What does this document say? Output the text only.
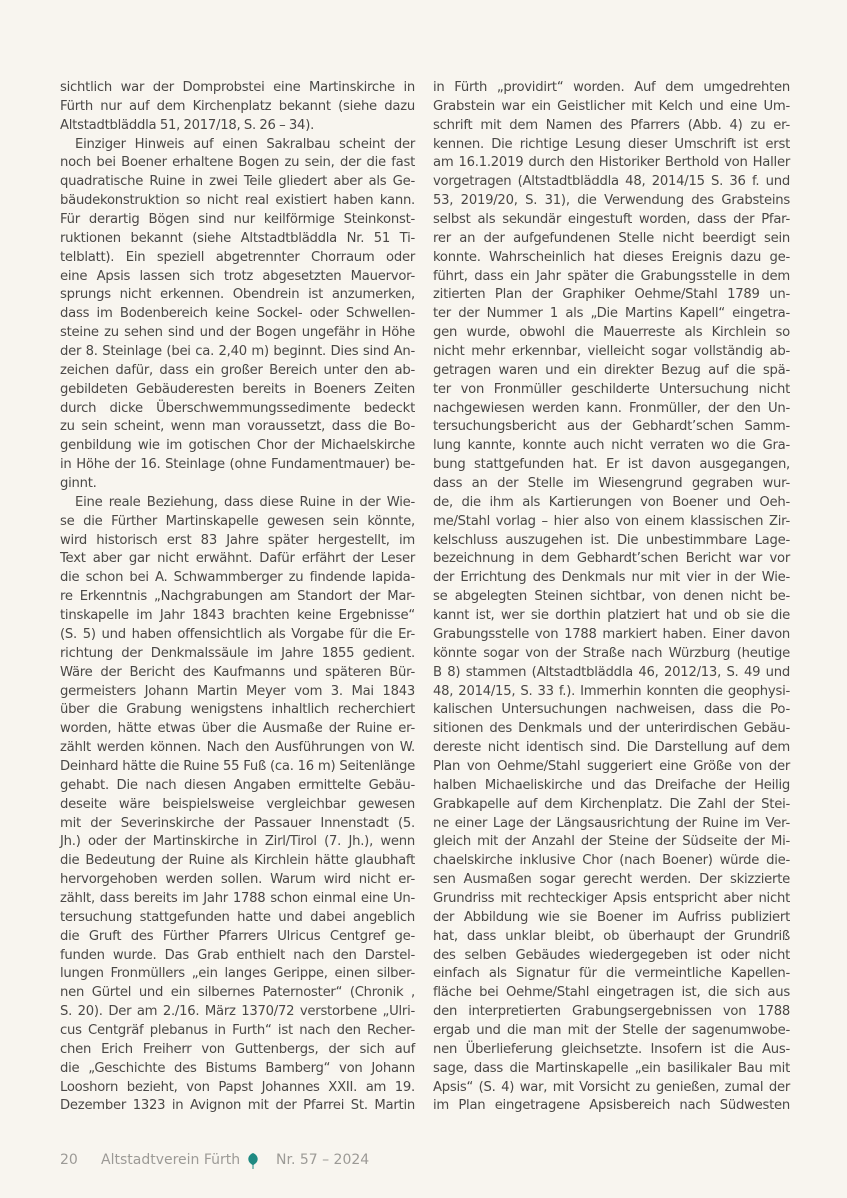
sichtlich war der Domprobstei eine Martinskirche in
Fürth nur auf dem Kirchenplatz bekannt (siehe dazu
Altstadtbläddla 51, 2017/18, S. 26 – 34).
Einziger Hinweis auf einen Sakralbau scheint der
noch bei Boener erhaltene Bogen zu sein, der die fast
quadratische Ruine in zwei Teile gliedert aber als Ge-
bäudekonstruktion so nicht real existiert haben kann.
Für derartig Bögen sind nur keilförmige Steinkonst-
ruktionen bekannt (siehe Altstadtbläddla Nr. 51 Ti-
telblatt). Ein speziell abgetrennter Chorraum oder
eine Apsis lassen sich trotz abgesetzten Mauervor-
sprungs nicht erkennen. Obendrein ist anzumerken,
dass im Bodenbereich keine Sockel- oder Schwellen-
steine zu sehen sind und der Bogen ungefähr in Höhe
der 8. Steinlage (bei ca. 2,40 m) beginnt. Dies sind An-
zeichen dafür, dass ein großer Bereich unter den ab-
gebildeten Gebäuderesten bereits in Boeners Zeiten
durch dicke Überschwemmungssedimente bedeckt
zu sein scheint, wenn man voraussetzt, dass die Bo-
genbildung wie im gotischen Chor der Michaelskirche
in Höhe der 16. Steinlage (ohne Fundamentmauer) be-
ginnt.
Eine reale Beziehung, dass diese Ruine in der Wie-
se die Fürther Martinskapelle gewesen sein könnte,
wird historisch erst 83 Jahre später hergestellt, im
Text aber gar nicht erwähnt. Dafür erfährt der Leser
die schon bei A. Schwammberger zu findende lapida-
re Erkenntnis „Nachgrabungen am Standort der Mar-
tinskapelle im Jahr 1843 brachten keine Ergebnisse“
(S. 5) und haben offensichtlich als Vorgabe für die Er-
richtung der Denkmalssäule im Jahre 1855 gedient.
Wäre der Bericht des Kaufmanns und späteren Bür-
germeisters Johann Martin Meyer vom 3. Mai 1843
über die Grabung wenigstens inhaltlich recherchiert
worden, hätte etwas über die Ausmaße der Ruine er-
zählt werden können. Nach den Ausführungen von W.
Deinhard hätte die Ruine 55 Fuß (ca. 16 m) Seitenlänge
gehabt. Die nach diesen Angaben ermittelte Gebäu-
deseite wäre beispielsweise vergleichbar gewesen
mit der Severinskirche der Passauer Innenstadt (5.
Jh.) oder der Martinskirche in Zirl/Tirol (7. Jh.), wenn
die Bedeutung der Ruine als Kirchlein hätte glaubhaft
hervorgehoben werden sollen. Warum wird nicht er-
zählt, dass bereits im Jahr 1788 schon einmal eine Un-
tersuchung stattgefunden hatte und dabei angeblich
die Gruft des Fürther Pfarrers Ulricus Centgref ge-
funden wurde. Das Grab enthielt nach den Darstel-
lungen Fronmüllers „ein langes Gerippe, einen silber-
nen Gürtel und ein silbernes Paternoster“ (Chronik ,
S. 20). Der am 2./16. März 1370/72 verstorbene „Ulri-
cus Centgräf plebanus in Furth“ ist nach den Recher-
chen Erich Freiherr von Guttenbergs, der sich auf
die „Geschichte des Bistums Bamberg“ von Johann
Looshorn bezieht, von Papst Johannes XXII. am 19.
Dezember 1323 in Avignon mit der Pfarrei St. Martin
in Fürth „providirt“ worden. Auf dem umgedrehten
Grabstein war ein Geistlicher mit Kelch und eine Um-
schrift mit dem Namen des Pfarrers (Abb. 4) zu er-
kennen. Die richtige Lesung dieser Umschrift ist erst
am 16.1.2019 durch den Historiker Berthold von Haller
vorgetragen (Altstadtbläddla 48, 2014/15 S. 36 f. und
53, 2019/20, S. 31), die Verwendung des Grabsteins
selbst als sekundär eingestuft worden, dass der Pfar-
rer an der aufgefundenen Stelle nicht beerdigt sein
konnte. Wahrscheinlich hat dieses Ereignis dazu ge-
führt, dass ein Jahr später die Grabungsstelle in dem
zitierten Plan der Graphiker Oehme/Stahl 1789 un-
ter der Nummer 1 als „Die Martins Kapell“ eingetra-
gen wurde, obwohl die Mauerreste als Kirchlein so
nicht mehr erkennbar, vielleicht sogar vollständig ab-
getragen waren und ein direkter Bezug auf die spä-
ter von Fronmüller geschilderte Untersuchung nicht
nachgewiesen werden kann. Fronmüller, der den Un-
tersuchungsbericht aus der Gebhardt’schen Samm-
lung kannte, konnte auch nicht verraten wo die Gra-
bung stattgefunden hat. Er ist davon ausgegangen,
dass an der Stelle im Wiesengrund gegraben wur-
de, die ihm als Kartierungen von Boener und Oeh-
me/Stahl vorlag – hier also von einem klassischen Zir-
kelschluss auszugehen ist. Die unbestimmbare Lage-
bezeichnung in dem Gebhardt’schen Bericht war vor
der Errichtung des Denkmals nur mit vier in der Wie-
se abgelegten Steinen sichtbar, von denen nicht be-
kannt ist, wer sie dorthin platziert hat und ob sie die
Grabungsstelle von 1788 markiert haben. Einer davon
könnte sogar von der Straße nach Würzburg (heutige
B 8) stammen (Altstadtbläddla 46, 2012/13, S. 49 und
48, 2014/15, S. 33 f.). Immerhin konnten die geophysi-
kalischen Untersuchungen nachweisen, dass die Po-
sitionen des Denkmals und der unterirdischen Gebäu-
dereste nicht identisch sind. Die Darstellung auf dem
Plan von Oehme/Stahl suggeriert eine Größe von der
halben Michaeliskirche und das Dreifache der Heilig
Grabkapelle auf dem Kirchenplatz. Die Zahl der Stei-
ne einer Lage der Längsausrichtung der Ruine im Ver-
gleich mit der Anzahl der Steine der Südseite der Mi-
chaelskirche inklusive Chor (nach Boener) würde die-
sen Ausmaßen sogar gerecht werden. Der skizzierte
Grundriss mit rechteckiger Apsis entspricht aber nicht
der Abbildung wie sie Boener im Aufriss publiziert
hat, dass unklar bleibt, ob überhaupt der Grundriß
des selben Gebäudes wiedergegeben ist oder nicht
einfach als Signatur für die vermeintliche Kapellen-
fläche bei Oehme/Stahl eingetragen ist, die sich aus
den interpretierten Grabungsergebnissen von 1788
ergab und die man mit der Stelle der sagenumwobe-
nen Überlieferung gleichsetzte. Insofern ist die Aus-
sage, dass die Martinskapelle „ein basilikaler Bau mit
Apsis“ (S. 4) war, mit Vorsicht zu genießen, zumal der
im Plan eingetragene Apsisbereich nach Südwesten
20 Altstadtverein Fürth	Nr. 57 – 2024
